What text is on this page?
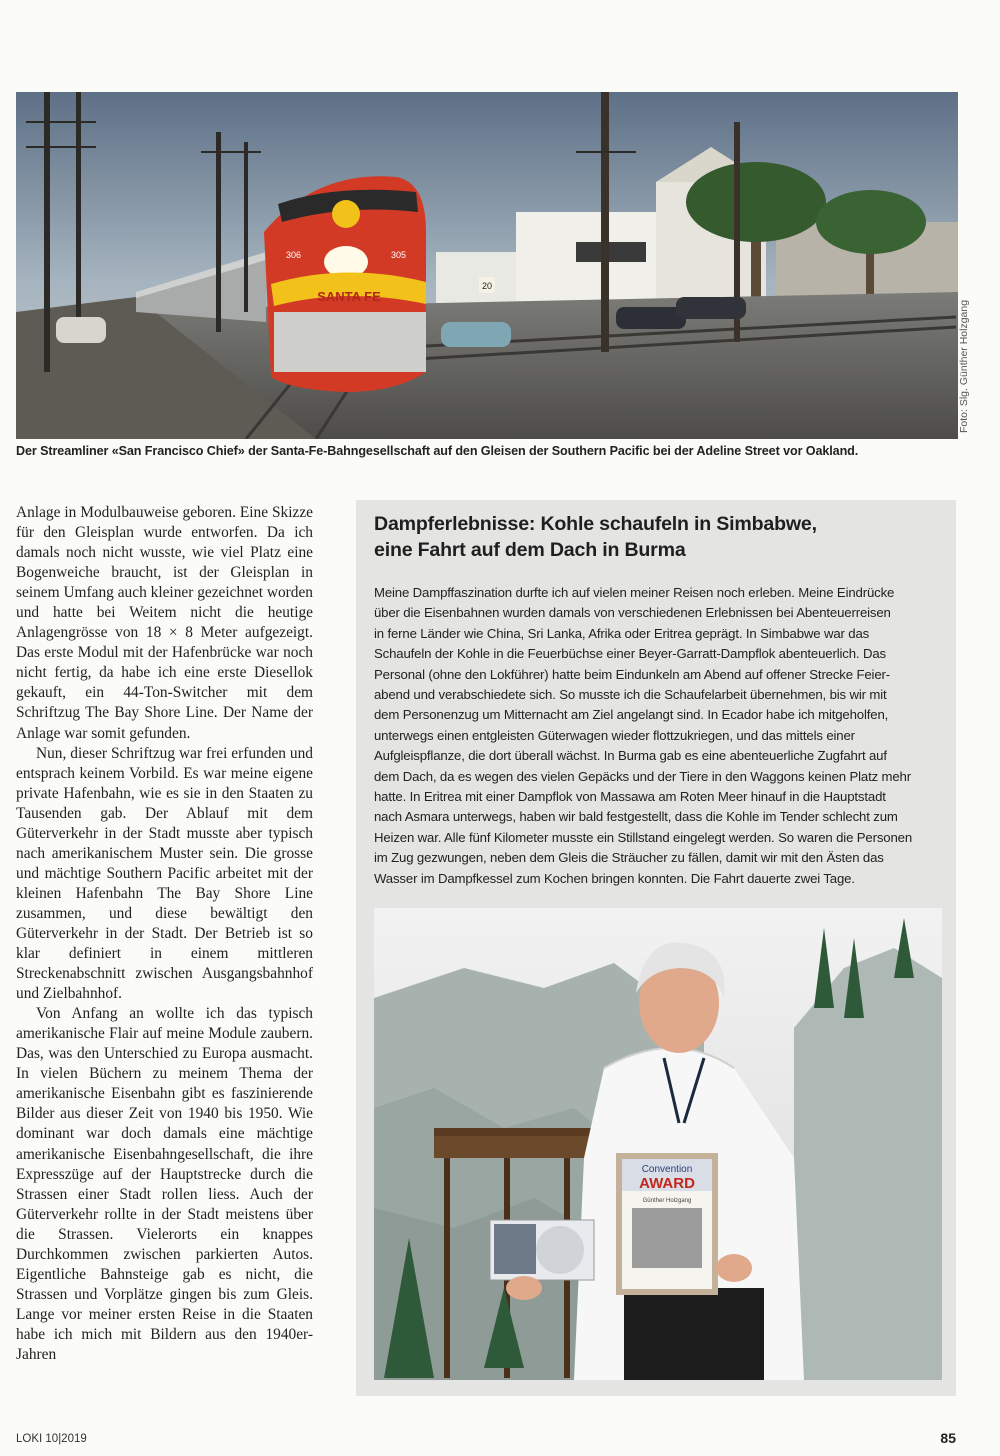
SANTA FE
306	305
20
Foto: Slg. Günther Holzgang
Der Streamliner «San Francisco Chief» der Santa-Fe-Bahngesellschaft auf den Gleisen der Southern Pacific bei der Adeline Street vor Oakland.

Anlage in Modulbauweise geboren. Eine Skizze für den Gleisplan wurde entworfen. Da ich damals noch nicht wusste, wie viel Platz eine Bogenweiche braucht, ist der Gleisplan in seinem Umfang auch kleiner gezeichnet worden und hatte bei Weitem nicht die heutige Anlagengrösse von 18 × 8 Meter aufgezeigt. Das erste Modul mit der Hafenbrücke war noch nicht fertig, da habe ich eine erste Diesellok gekauft, ein 44-Ton-Switcher mit dem Schriftzug The Bay Shore Line. Der Name der Anlage war somit gefunden.

Nun, dieser Schriftzug war frei erfunden und entsprach keinem Vorbild. Es war meine eigene private Hafenbahn, wie es sie in den Staaten zu Tausenden gab. Der Ablauf mit dem Güterverkehr in der Stadt musste aber typisch nach amerikanischem Muster sein. Die grosse und mächtige Southern Pacific arbeitet mit der kleinen Hafenbahn The Bay Shore Line zusammen, und diese bewältigt den Güterverkehr in der Stadt. Der Betrieb ist so klar definiert in einem mittleren Streckenabschnitt zwischen Ausgangsbahnhof und Zielbahnhof.

Von Anfang an wollte ich das typisch amerikanische Flair auf meine Module zaubern. Das, was den Unterschied zu Europa ausmacht. In vielen Büchern zu meinem Thema der amerikanische Eisenbahn gibt es faszinierende Bilder aus dieser Zeit von 1940 bis 1950. Wie dominant war doch damals eine mächtige amerikanische Eisenbahngesellschaft, die ihre Expresszüge auf der Hauptstrecke durch die Strassen einer Stadt rollen liess. Auch der Güterverkehr rollte in der Stadt meistens über die Strassen. Vielerorts ein knappes Durchkommen zwischen parkierten Autos. Eigentliche Bahnsteige gab es nicht, die Strassen und Vorplätze gingen bis zum Gleis. Lange vor meiner ersten Reise in die Staaten habe ich mich mit Bildern aus den 1940er-Jahren

Dampferlebnisse: Kohle schaufeln in Simbabwe,
eine Fahrt auf dem Dach in Burma
Meine Dampffaszination durfte ich auf vielen meiner Reisen noch erleben. Meine Eindrücke
über die Eisenbahnen wurden damals von verschiedenen Erlebnissen bei Abenteuerreisen
in ferne Länder wie China, Sri Lanka, Afrika oder Eritrea geprägt. In Simbabwe war das
Schaufeln der Kohle in die Feuerbüchse einer Beyer-Garratt-Dampflok abenteuerlich. Das
Personal (ohne den Lokführer) hatte beim Eindunkeln am Abend auf offener Strecke Feier-
abend und verabschiedete sich. So musste ich die Schaufelarbeit übernehmen, bis wir mit
dem Personenzug um Mitternacht am Ziel angelangt sind. In Ecador habe ich mitgeholfen,
unterwegs einen entgleisten Güterwagen wieder flottzukriegen, und das mittels einer
Aufgleispflanze, die dort überall wächst. In Burma gab es eine abenteuerliche Zugfahrt auf
dem Dach, da es wegen des vielen Gepäcks und der Tiere in den Waggons keinen Platz mehr
hatte. In Eritrea mit einer Dampflok von Massawa am Roten Meer hinauf in die Hauptstadt
nach Asmara unterwegs, haben wir bald festgestellt, dass die Kohle im Tender schlecht zum
Heizen war. Alle fünf Kilometer musste ein Stillstand eingelegt werden. So waren die Personen
im Zug gezwungen, neben dem Gleis die Sträucher zu fällen, damit wir mit den Ästen das
Wasser im Dampfkessel zum Kochen bringen konnten. Die Fahrt dauerte zwei Tage.
Convention
AWARD
Günther Holzgang
LOKI 10|2019	85
